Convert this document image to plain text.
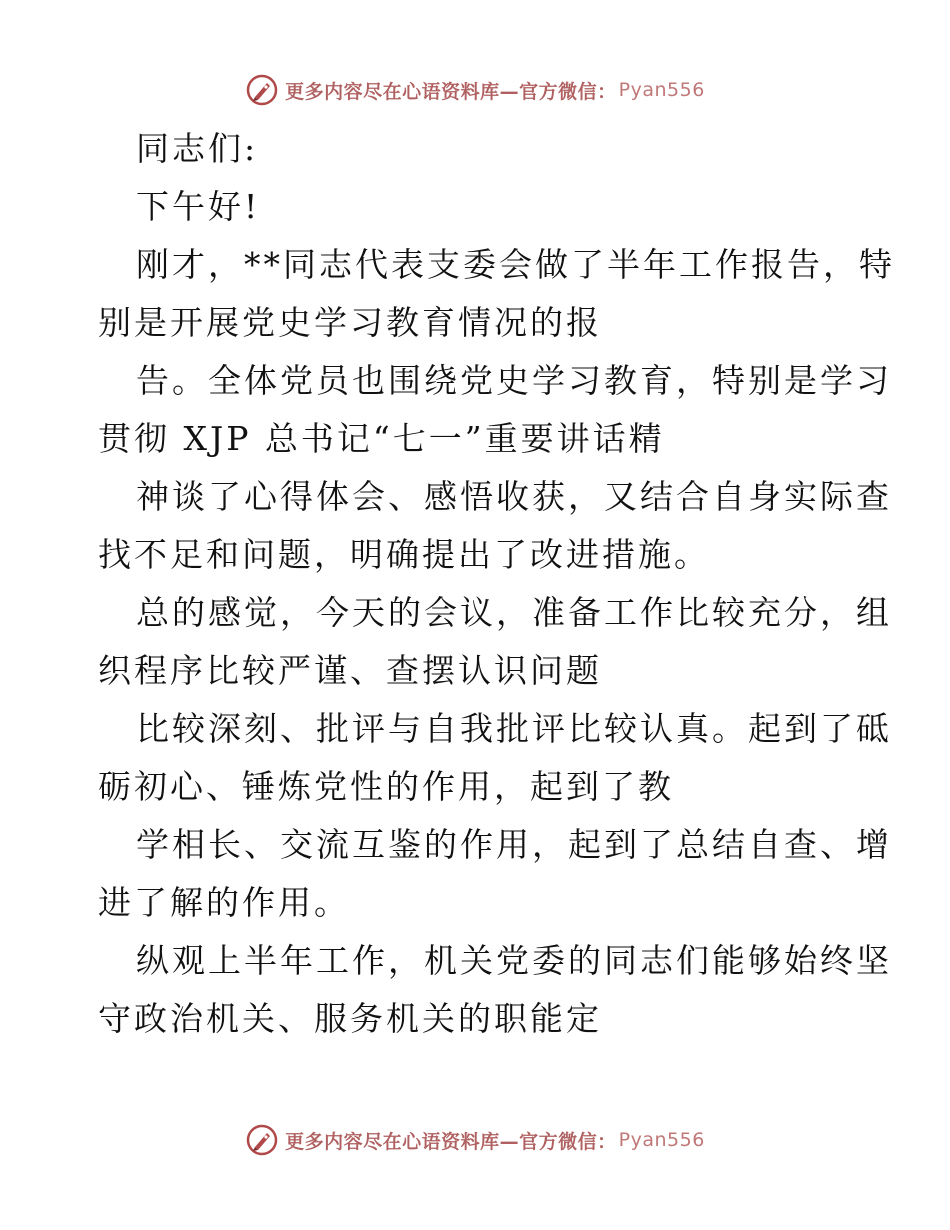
更多内容尽在心语资料库—官方微信： Pyan556
同志们:
下午好!
刚才，**同志代表支委会做了半年工作报告，特
别是开展党史学习教育情况的报
告。全体党员也围绕党史学习教育，特别是学习
贯彻 XJP 总书记“七一”重要讲话精
神谈了心得体会、感悟收获，又结合自身实际查
找不足和问题，明确提出了改进措施。
总的感觉，今天的会议，准备工作比较充分，组
织程序比较严谨、查摆认识问题
比较深刻、批评与自我批评比较认真。起到了砥
砺初心、锤炼党性的作用，起到了教
学相长、交流互鉴的作用，起到了总结自查、增
进了解的作用。
纵观上半年工作，机关党委的同志们能够始终坚
守政治机关、服务机关的职能定
更多内容尽在心语资料库—官方微信： Pyan556
